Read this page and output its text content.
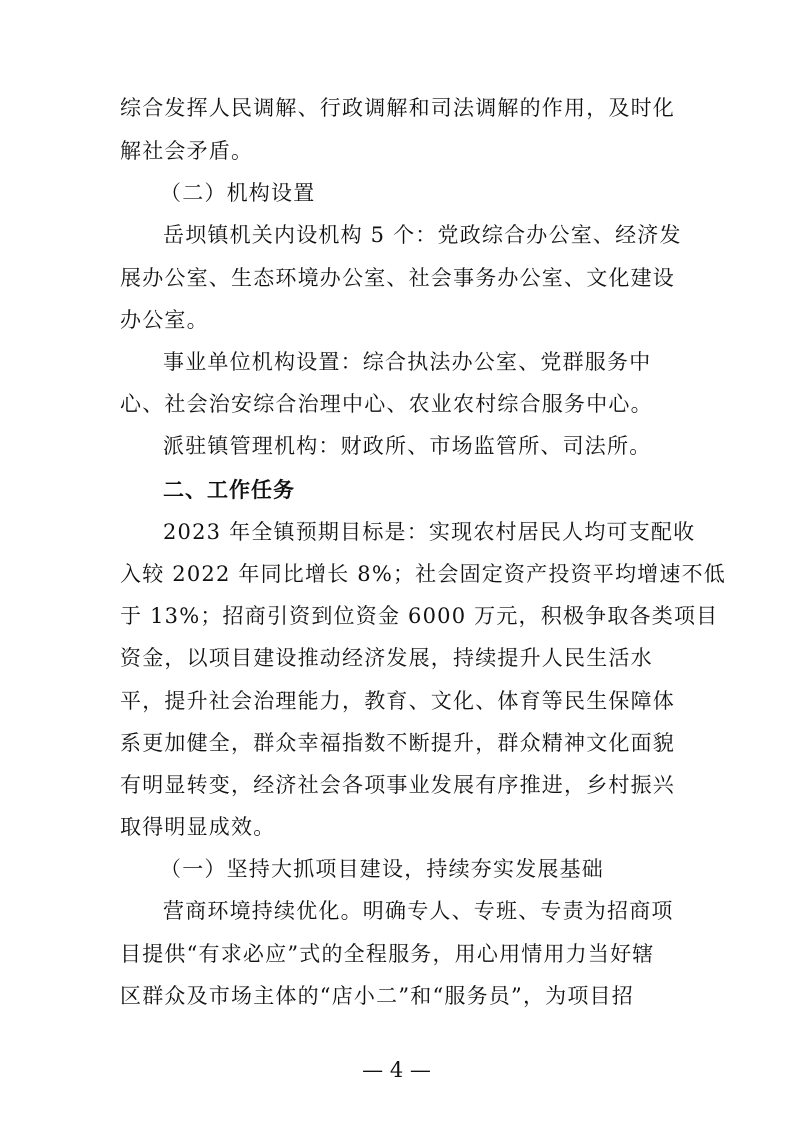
综合发挥人民调解、行政调解和司法调解的作用，及时化
解社会矛盾。
（二）机构设置
岳坝镇机关内设机构 5 个：党政综合办公室、经济发
展办公室、生态环境办公室、社会事务办公室、文化建设
办公室。
事业单位机构设置：综合执法办公室、党群服务中
心、社会治安综合治理中心、农业农村综合服务中心。
派驻镇管理机构：财政所、市场监管所、司法所。
二、工作任务
2023 年全镇预期目标是：实现农村居民人均可支配收
入较 2022 年同比增长 8%；社会固定资产投资平均增速不低
于 13%；招商引资到位资金 6000 万元，积极争取各类项目
资金，以项目建设推动经济发展，持续提升人民生活水
平，提升社会治理能力，教育、文化、体育等民生保障体
系更加健全，群众幸福指数不断提升，群众精神文化面貌
有明显转变，经济社会各项事业发展有序推进，乡村振兴
取得明显成效。
（一）坚持大抓项目建设，持续夯实发展基础
营商环境持续优化。明确专人、专班、专责为招商项
目提供“有求必应”式的全程服务，用心用情用力当好辖
区群众及市场主体的“店小二”和“服务员”，为项目招
— 4 —
